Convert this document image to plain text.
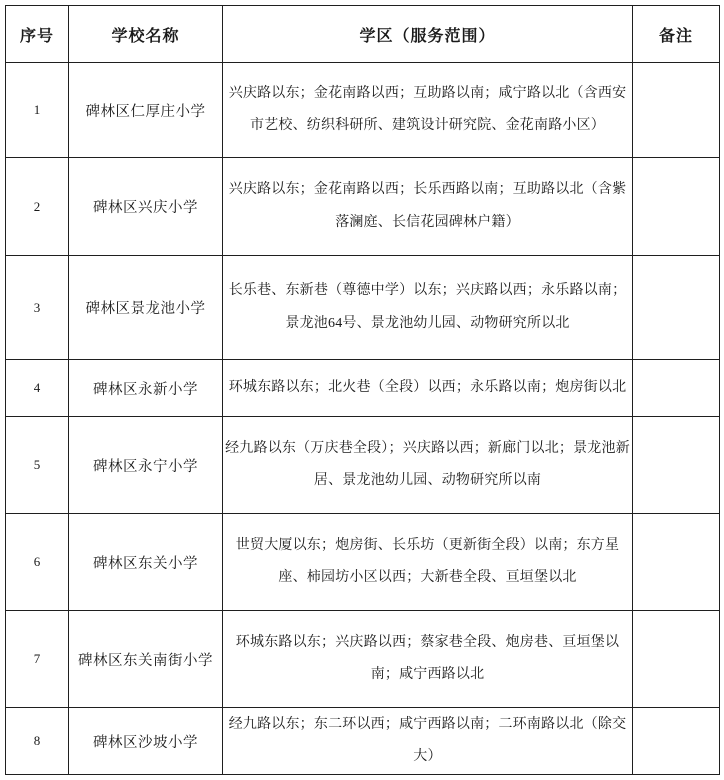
序号	学校名称	学区（服务范围）	备注
1	碑林区仁厚庄小学	兴庆路以东；金花南路以西；互助路以南；咸宁路以北（含西安市艺校、纺织科研所、建筑设计研究院、金花南路小区）	
2	碑林区兴庆小学	兴庆路以东；金花南路以西；长乐西路以南；互助路以北（含紫落澜庭、长信花园碑林户籍）	
3	碑林区景龙池小学	长乐巷、东新巷（尊德中学）以东；兴庆路以西；永乐路以南；景龙池64号、景龙池幼儿园、动物研究所以北	
4	碑林区永新小学	环城东路以东；北火巷（全段）以西；永乐路以南；炮房街以北	
5	碑林区永宁小学	经九路以东（万庆巷全段）；兴庆路以西；新廊门以北；景龙池新居、景龙池幼儿园、动物研究所以南	
6	碑林区东关小学	世贸大厦以东；炮房街、长乐坊（更新街全段）以南；东方星座、柿园坊小区以西；大新巷全段、亘垣堡以北	
7	碑林区东关南街小学	环城东路以东；兴庆路以西；蔡家巷全段、炮房巷、亘垣堡以南；咸宁西路以北	
8	碑林区沙坡小学	经九路以东；东二环以西；咸宁西路以南；二环南路以北（除交大）	
